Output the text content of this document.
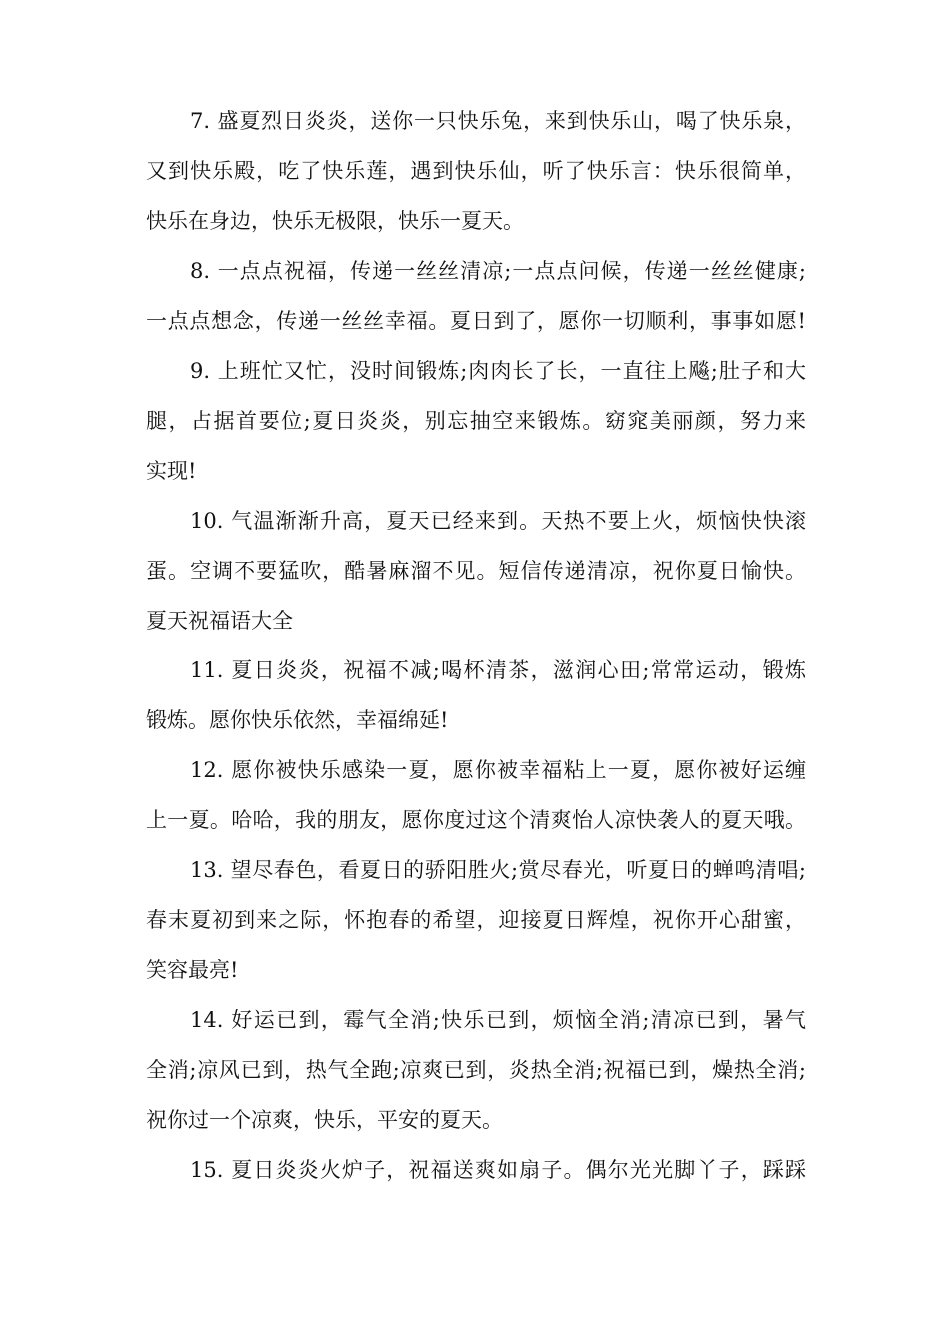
7. 盛夏烈日炎炎，送你一只快乐兔，来到快乐山，喝了快乐泉，
又到快乐殿，吃了快乐莲，遇到快乐仙，听了快乐言：快乐很简单，
快乐在身边，快乐无极限，快乐一夏天。
8. 一点点祝福，传递一丝丝清凉;一点点问候，传递一丝丝健康;
一点点想念，传递一丝丝幸福。夏日到了，愿你一切顺利，事事如愿!
9. 上班忙又忙，没时间锻炼;肉肉长了长，一直往上飚;肚子和大
腿，占据首要位;夏日炎炎，别忘抽空来锻炼。窈窕美丽颜，努力来
实现!
10. 气温渐渐升高，夏天已经来到。天热不要上火，烦恼快快滚
蛋。空调不要猛吹，酷暑麻溜不见。短信传递清凉，祝你夏日愉快。
夏天祝福语大全
11. 夏日炎炎，祝福不减;喝杯清茶，滋润心田;常常运动，锻炼
锻炼。愿你快乐依然，幸福绵延!
12. 愿你被快乐感染一夏，愿你被幸福粘上一夏，愿你被好运缠
上一夏。哈哈，我的朋友，愿你度过这个清爽怡人凉快袭人的夏天哦。
13. 望尽春色，看夏日的骄阳胜火;赏尽春光，听夏日的蝉鸣清唱;
春末夏初到来之际，怀抱春的希望，迎接夏日辉煌，祝你开心甜蜜，
笑容最亮!
14. 好运已到，霉气全消;快乐已到，烦恼全消;清凉已到，暑气
全消;凉风已到，热气全跑;凉爽已到，炎热全消;祝福已到，燥热全消;
祝你过一个凉爽，快乐，平安的夏天。
15. 夏日炎炎火炉子，祝福送爽如扇子。偶尔光光脚丫子，踩踩
